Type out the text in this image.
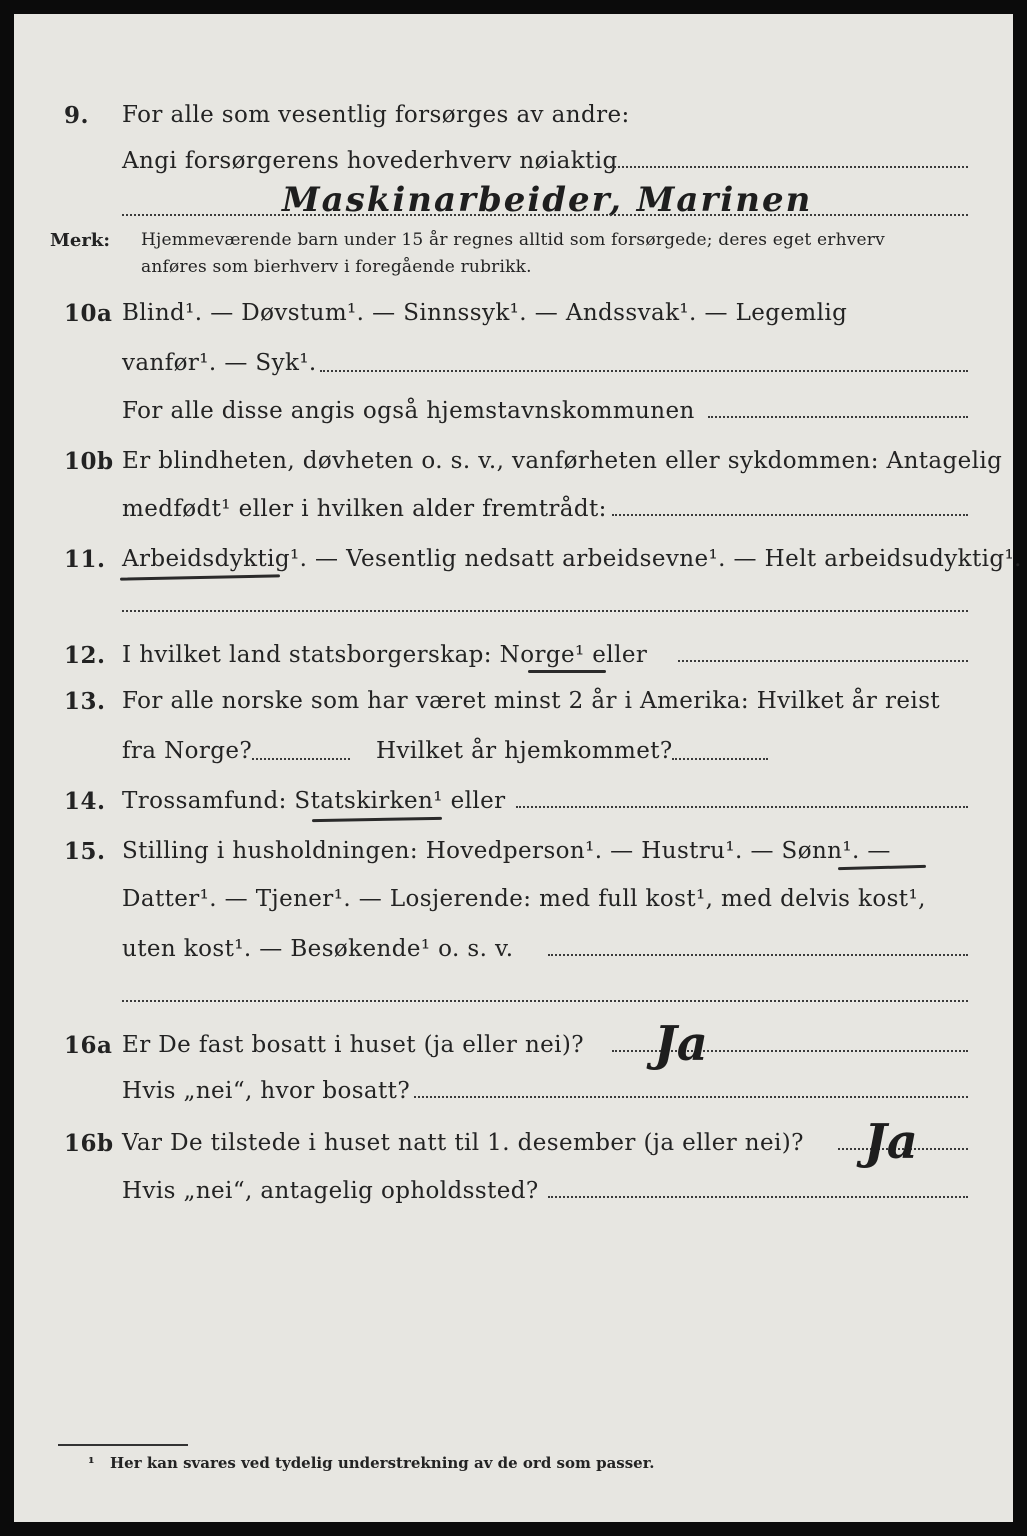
9. For alle som vesentlig forsørges av andre:
Angi forsørgerens hovederhverv nøiaktig
Maskinarbeider, Marinen
Merk: Hjemmeværende barn under 15 år regnes alltid som forsørgede; deres eget erhverv
anføres som bierhverv i foregående rubrikk.
10a Blind¹. — Døvstum¹. — Sinnssyk¹. — Andssvak¹. — Legemlig
vanfør¹. — Syk¹.
For alle disse angis også hjemstavnskommunen
10b Er blindheten, døvheten o. s. v., vanførheten eller sykdommen: Antagelig
medfødt¹ eller i hvilken alder fremtrådt:
11. Arbeidsdyktig¹. — Vesentlig nedsatt arbeidsevne¹. — Helt arbeidsudyktig¹.
12. I hvilket land statsborgerskap: Norge¹ eller
13. For alle norske som har været minst 2 år i Amerika: Hvilket år reist
fra Norge?	Hvilket år hjemkommet?
14. Trossamfund: Statskirken¹ eller
15. Stilling i husholdningen: Hovedperson¹. — Hustru¹. — Sønn¹. —
Datter¹. — Tjener¹. — Losjerende: med full kost¹, med delvis kost¹,
uten kost¹. — Besøkende¹ o. s. v.
16a Er De fast bosatt i huset (ja eller nei)? Ja
Hvis „nei“, hvor bosatt?
16b Var De tilstede i huset natt til 1. desember (ja eller nei)? Ja
Hvis „nei“, antagelig opholdssted?
¹ Her kan svares ved tydelig understrekning av de ord som passer.
